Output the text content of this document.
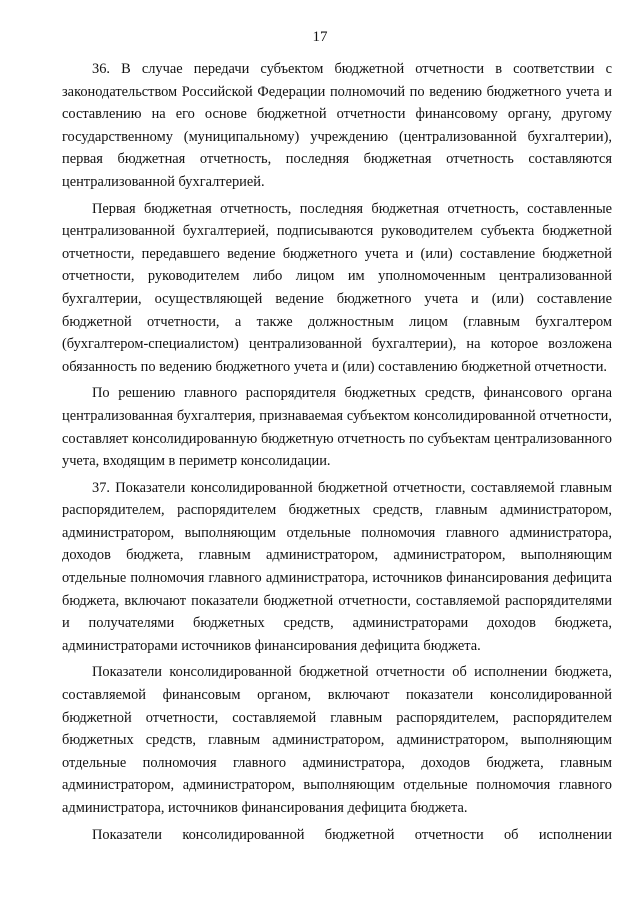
17

36. В случае передачи субъектом бюджетной отчетности в соответствии с законодательством Российской Федерации полномочий по ведению бюджетного учета и составлению на его основе бюджетной отчетности финансовому органу, другому государственному (муниципальному) учреждению (централизованной бухгалтерии), первая бюджетная отчетность, последняя бюджетная отчетность составляются централизованной бухгалтерией.

Первая бюджетная отчетность, последняя бюджетная отчетность, составленные централизованной бухгалтерией, подписываются руководителем субъекта бюджетной отчетности, передавшего ведение бюджетного учета и (или) составление бюджетной отчетности, руководителем либо лицом им уполномоченным централизованной бухгалтерии, осуществляющей ведение бюджетного учета и (или) составление бюджетной отчетности, а также должностным лицом (главным бухгалтером (бухгалтером-специалистом) централизованной бухгалтерии), на которое возложена обязанность по ведению бюджетного учета и (или) составлению бюджетной отчетности.

По решению главного распорядителя бюджетных средств, финансового органа централизованная бухгалтерия, признаваемая субъектом консолидированной отчетности, составляет консолидированную бюджетную отчетность по субъектам централизованного учета, входящим в периметр консолидации.

37. Показатели консолидированной бюджетной отчетности, составляемой главным распорядителем, распорядителем бюджетных средств, главным администратором, администратором, выполняющим отдельные полномочия главного администратора, доходов бюджета, главным администратором, администратором, выполняющим отдельные полномочия главного администратора, источников финансирования дефицита бюджета, включают показатели бюджетной отчетности, составляемой распорядителями и получателями бюджетных средств, администраторами доходов бюджета, администраторами источников финансирования дефицита бюджета.

Показатели консолидированной бюджетной отчетности об исполнении бюджета, составляемой финансовым органом, включают показатели консолидированной бюджетной отчетности, составляемой главным распорядителем, распорядителем бюджетных средств, главным администратором, администратором, выполняющим отдельные полномочия главного администратора, доходов бюджета, главным администратором, администратором, выполняющим отдельные полномочия главного администратора, источников финансирования дефицита бюджета.

Показатели консолидированной бюджетной отчетности об исполнении
